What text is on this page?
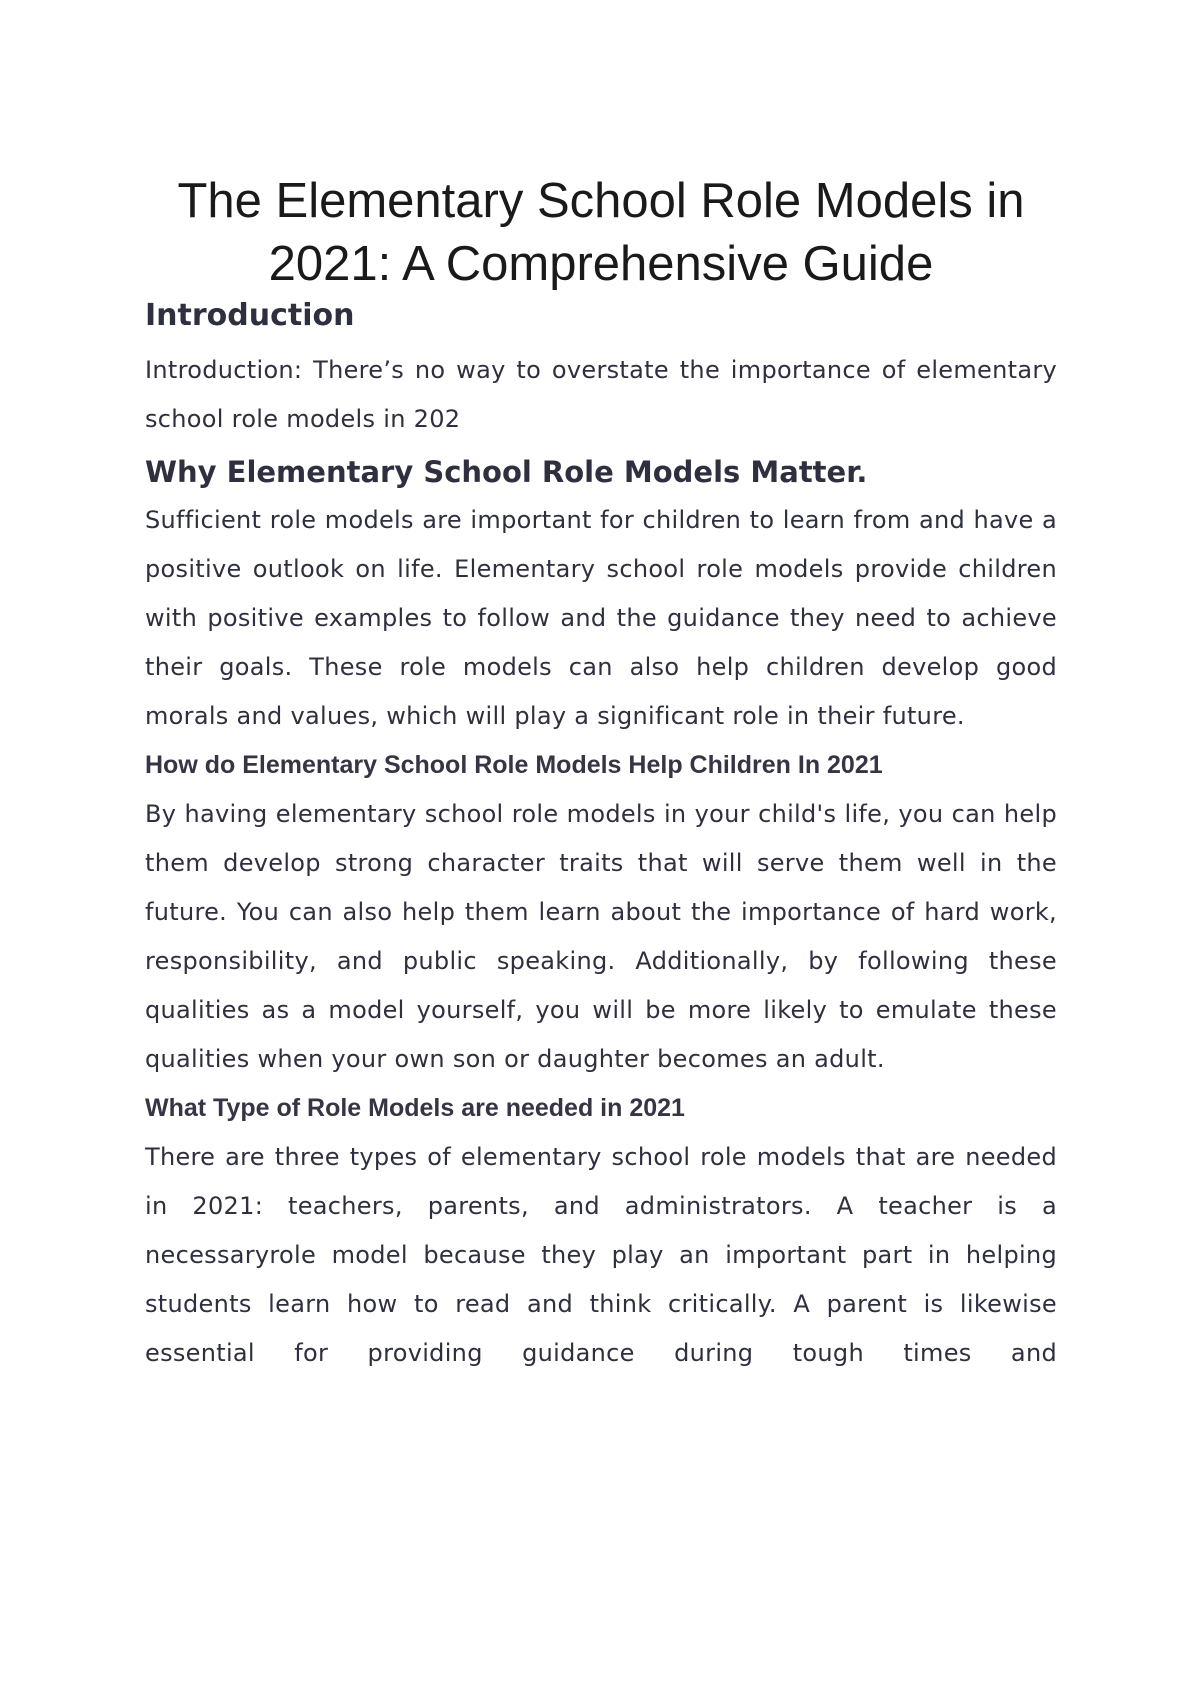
The Elementary School Role Models in 2021: A Comprehensive Guide
Introduction

Introduction: There’s no way to overstate the importance of elementary school role models in 202

Why Elementary School Role Models Matter.

Sufficient role models are important for children to learn from and have a positive outlook on life. Elementary school role models provide children with positive examples to follow and the guidance they need to achieve their goals. These role models can also help children develop good morals and values, which will play a significant role in their future.

How do Elementary School Role Models Help Children In 2021

By having elementary school role models in your child's life, you can help them develop strong character traits that will serve them well in the future. You can also help them learn about the importance of hard work, responsibility, and public speaking. Additionally, by following these qualities as a model yourself, you will be more likely to emulate these qualities when your own son or daughter becomes an adult.

What Type of Role Models are needed in 2021

There are three types of elementary school role models that are needed in 2021: teachers, parents, and administrators. A teacher is a necessaryrole model because they play an important part in helping students learn how to read and think critically. A parent is likewise essential for providing guidance during tough times and
